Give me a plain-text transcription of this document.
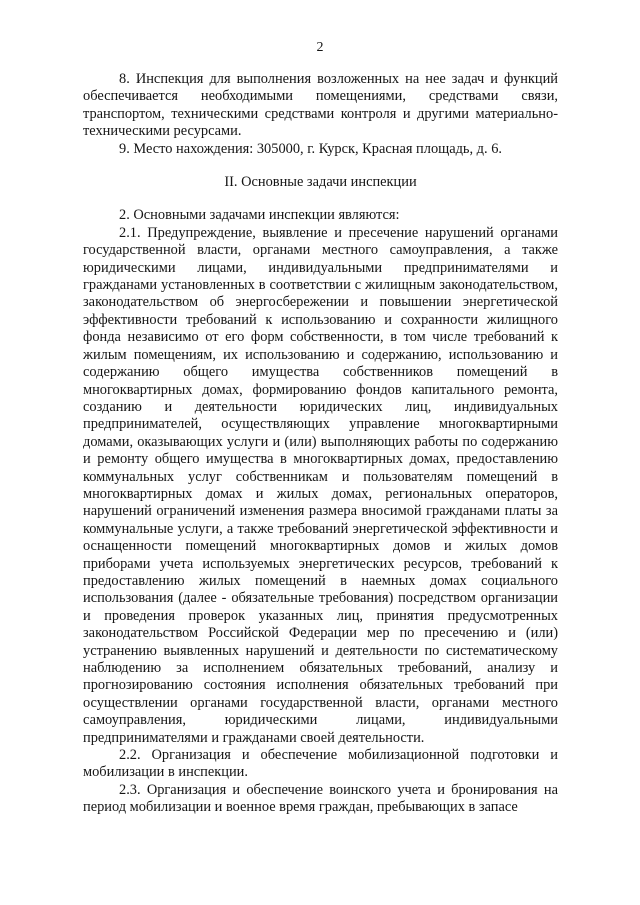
2

8. Инспекция для выполнения возложенных на нее задач и функций обеспечивается необходимыми помещениями, средствами связи, транспортом, техническими средствами контроля и другими материально-техническими ресурсами.

9. Место нахождения: 305000, г. Курск, Красная площадь, д. 6.

II. Основные задачи инспекции

2. Основными задачами инспекции являются:

2.1. Предупреждение, выявление и пресечение нарушений органами государственной власти, органами местного самоуправления, а также юридическими лицами, индивидуальными предпринимателями и гражданами установленных в соответствии с жилищным законодательством, законодательством об энергосбережении и повышении энергетической эффективности требований к использованию и сохранности жилищного фонда независимо от его форм собственности, в том числе требований к жилым помещениям, их использованию и содержанию, использованию и содержанию общего имущества собственников помещений в многоквартирных домах, формированию фондов капитального ремонта, созданию и деятельности юридических лиц, индивидуальных предпринимателей, осуществляющих управление многоквартирными домами, оказывающих услуги и (или) выполняющих работы по содержанию и ремонту общего имущества в многоквартирных домах, предоставлению коммунальных услуг собственникам и пользователям помещений в многоквартирных домах и жилых домах, региональных операторов, нарушений ограничений изменения размера вносимой гражданами платы за коммунальные услуги, а также требований энергетической эффективности и оснащенности помещений многоквартирных домов и жилых домов приборами учета используемых энергетических ресурсов, требований к предоставлению жилых помещений в наемных домах социального использования (далее - обязательные требования) посредством организации и проведения проверок указанных лиц, принятия предусмотренных законодательством Российской Федерации мер по пресечению и (или) устранению выявленных нарушений и деятельности по систематическому наблюдению за исполнением обязательных требований, анализу и прогнозированию состояния исполнения обязательных требований при осуществлении органами государственной власти, органами местного самоуправления, юридическими лицами, индивидуальными предпринимателями и гражданами своей деятельности.

2.2. Организация и обеспечение мобилизационной подготовки и мобилизации в инспекции.

2.3. Организация и обеспечение воинского учета и бронирования на период мобилизации и военное время граждан, пребывающих в запасе
